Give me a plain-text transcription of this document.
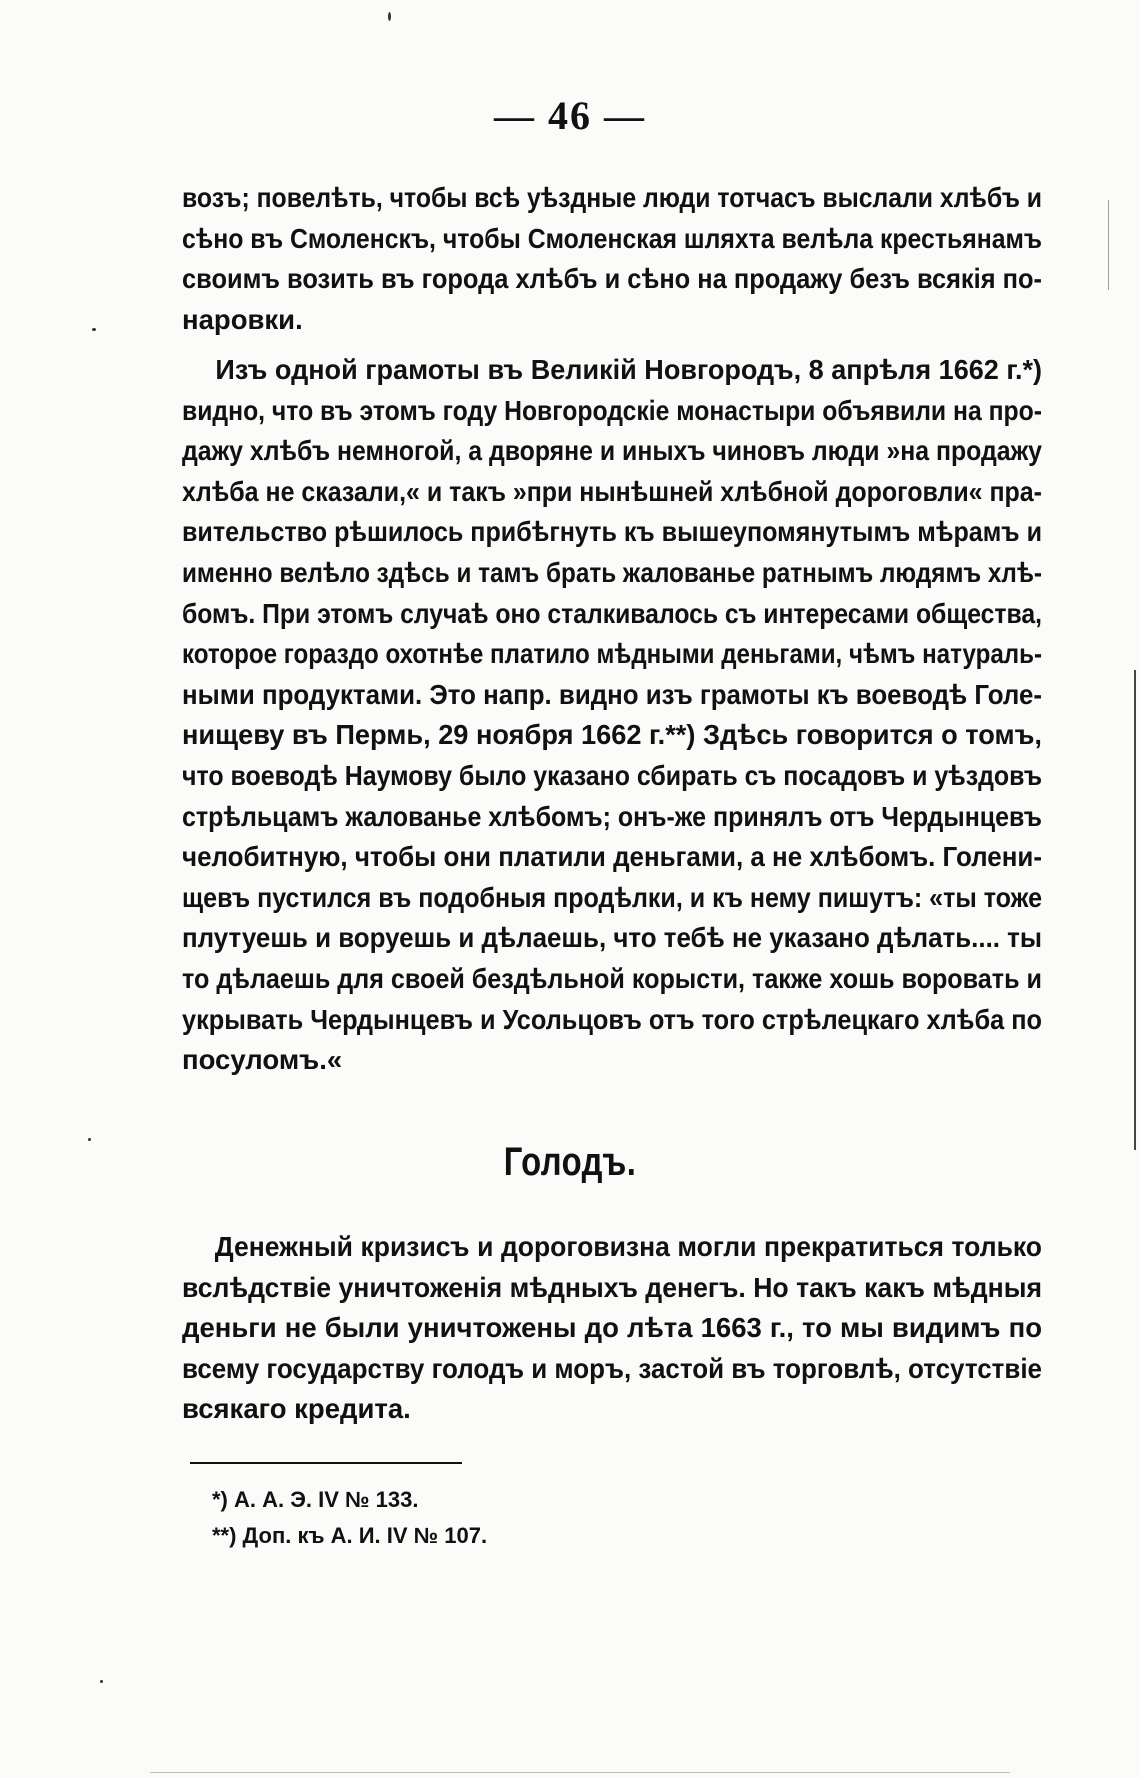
— 46 —
возъ; повелѣть, чтобы всѣ уѣздные люди тотчасъ выслали хлѣбъ и
сѣно въ Смоленскъ, чтобы Смоленская шляхта велѣла крестьянамъ
своимъ возить въ города хлѣбъ и сѣно на продажу безъ всякія по-
наровки.
Изъ одной грамоты въ Великій Новгородъ, 8 апрѣля 1662 г.*)
видно, что въ этомъ году Новгородскіе монастыри объявили на про-
дажу хлѣбъ немногой, а дворяне и иныхъ чиновъ люди »на продажу
хлѣба не сказали,« и такъ »при нынѣшней хлѣбной дороговли« пра-
вительство рѣшилось прибѣгнуть къ вышеупомянутымъ мѣрамъ и
именно велѣло здѣсь и тамъ брать жалованье ратнымъ людямъ хлѣ-
бомъ. При этомъ случаѣ оно сталкивалось съ интересами общества,
которое гораздо охотнѣе платило мѣдными деньгами, чѣмъ натураль-
ными продуктами. Это напр. видно изъ грамоты къ воеводѣ Голе-
нищеву въ Пермь, 29 ноября 1662 г.**) Здѣсь говорится о томъ,
что воеводѣ Наумову было указано сбирать съ посадовъ и уѣздовъ
стрѣльцамъ жалованье хлѣбомъ; онъ-же принялъ отъ Чердынцевъ
челобитную, чтобы они платили деньгами, а не хлѣбомъ. Голени-
щевъ пустился въ подобныя продѣлки, и къ нему пишутъ: «ты тоже
плутуешь и воруешь и дѣлаешь, что тебѣ не указано дѣлать.... ты
то дѣлаешь для своей бездѣльной корысти, также хошь воровать и
укрывать Чердынцевъ и Усольцовъ отъ того стрѣлецкаго хлѣба по
посуломъ.«
Голодъ.
Денежный кризисъ и дороговизна могли прекратиться только
вслѣдствіе уничтоженія мѣдныхъ денегъ. Но такъ какъ мѣдныя
деньги не были уничтожены до лѣта 1663 г., то мы видимъ по
всему государству голодъ и моръ, застой въ торговлѣ, отсутствіе
всякаго кредита.
*) А. А. Э. IV № 133.
**) Доп. къ А. И. IV № 107.
